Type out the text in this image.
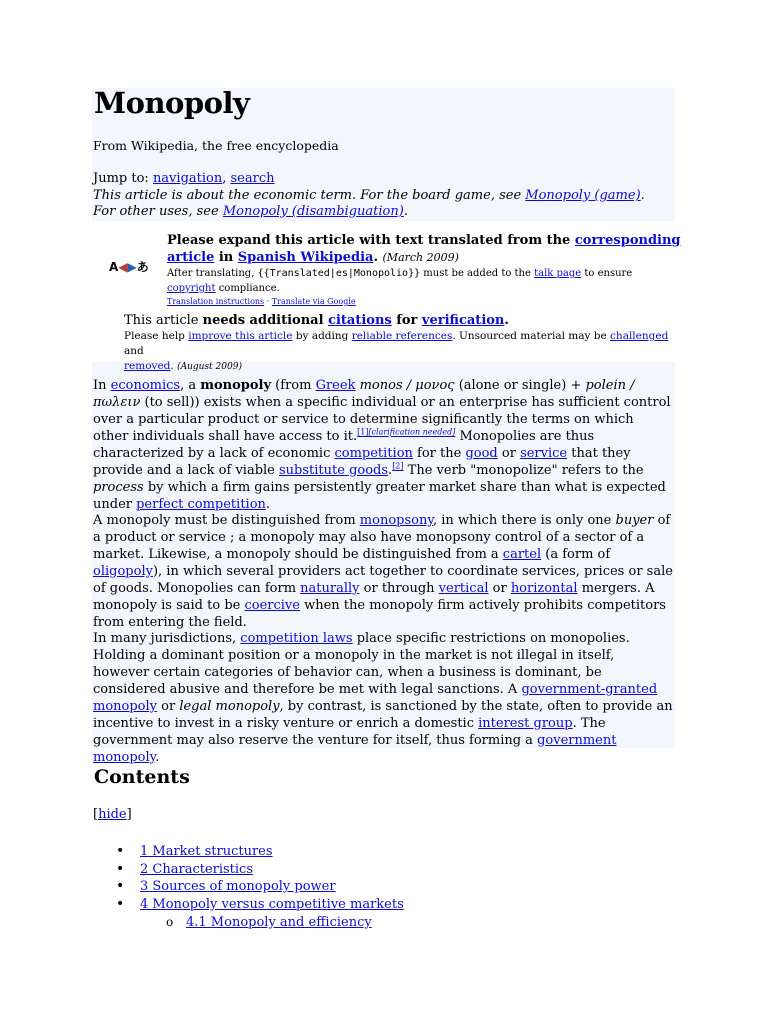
Monopoly
From Wikipedia, the free encyclopedia
Jump to: navigation, search
This article is about the economic term. For the board game, see Monopoly (game). For other uses, see Monopoly (disambiguation).
A◀▶あ
Please expand this article with text translated from the corresponding article in Spanish Wikipedia. (March 2009)
After translating, {{Translated|es|Monopolio}} must be added to the talk page to ensure
copyright compliance.
Translation instructions · Translate via Google
This article needs additional citations for verification.
Please help improve this article by adding reliable references. Unsourced material may be challenged and
removed. (August 2009)
In economics, a monopoly (from Greek monos / μονος (alone or single) + polein / πωλειν (to sell)) exists when a specific individual or an enterprise has sufficient control over a particular product or service to determine significantly the terms on which other individuals shall have access to it.[1][clarification needed] Monopolies are thus characterized by a lack of economic competition for the good or service that they provide and a lack of viable substitute goods.[2] The verb "monopolize" refers to the process by which a firm gains persistently greater market share than what is expected under perfect competition.
A monopoly must be distinguished from monopsony, in which there is only one buyer of a product or service ; a monopoly may also have monopsony control of a sector of a market. Likewise, a monopoly should be distinguished from a cartel (a form of oligopoly), in which several providers act together to coordinate services, prices or sale of goods. Monopolies can form naturally or through vertical or horizontal mergers. A monopoly is said to be coercive when the monopoly firm actively prohibits competitors from entering the field.
In many jurisdictions, competition laws place specific restrictions on monopolies. Holding a dominant position or a monopoly in the market is not illegal in itself, however certain categories of behavior can, when a business is dominant, be considered abusive and therefore be met with legal sanctions. A government-granted monopoly or legal monopoly, by contrast, is sanctioned by the state, often to provide an incentive to invest in a risky venture or enrich a domestic interest group. The government may also reserve the venture for itself, thus forming a government monopoly.
Contents
[hide]
• 1 Market structures
• 2 Characteristics
• 3 Sources of monopoly power
• 4 Monopoly versus competitive markets
o 4.1 Monopoly and efficiency
